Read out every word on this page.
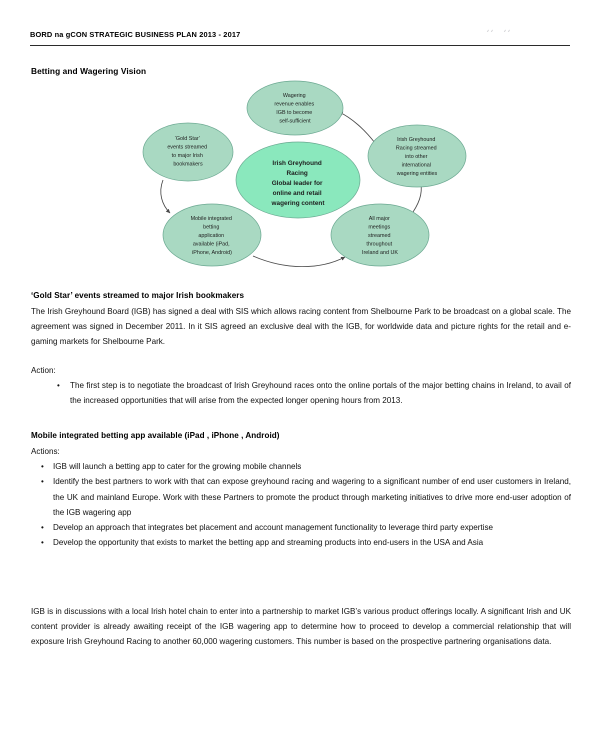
BORD na gCON STRATEGIC BUSINESS PLAN 2013 - 2017
͵͵ ͵͵
Betting and Wagering Vision
Wagering revenue enables IGB to become self-sufficient
Irish Greyhound Racing streamed into other international wagering entities
All major meetings streamed throughout Ireland and UK
Mobile integrated betting application available (iPad, iPhone, Android)
‘Gold Star’ events streamed to major Irish bookmakers	Irish Greyhound Racing Global leader for online and retail wagering content

‘Gold Star’ events streamed to major Irish bookmakers

The Irish Greyhound Board (IGB) has signed a deal with SIS which allows racing content from Shelbourne Park to be broadcast on a global scale. The agreement was signed in December 2011. In it SIS agreed an exclusive deal with the IGB, for worldwide data and picture rights for the retail and e-gaming markets for Shelbourne Park.

Action:

• The first step is to negotiate the broadcast of Irish Greyhound races onto the online portals of the major betting chains in Ireland, to avail of the increased opportunities that will arise from the expected longer opening hours from 2013.

Mobile integrated betting app available (iPad , iPhone , Android)

Actions:

• IGB will launch a betting app to cater for the growing mobile channels
• Identify the best partners to work with that can expose greyhound racing and wagering to a significant number of end user customers in Ireland, the UK and mainland Europe. Work with these Partners to promote the product through marketing initiatives to drive more end-user adoption of the IGB wagering app
• Develop an approach that integrates bet placement and account management functionality to leverage third party expertise
• Develop the opportunity that exists to market the betting app and streaming products into end-users in the USA and Asia

IGB is in discussions with a local Irish hotel chain to enter into a partnership to market IGB’s various product offerings locally. A significant Irish and UK content provider is already awaiting receipt of the IGB wagering app to determine how to proceed to develop a commercial relationship that will exposure Irish Greyhound Racing to another 60,000 wagering customers. This number is based on the prospective partnering organisations data.
